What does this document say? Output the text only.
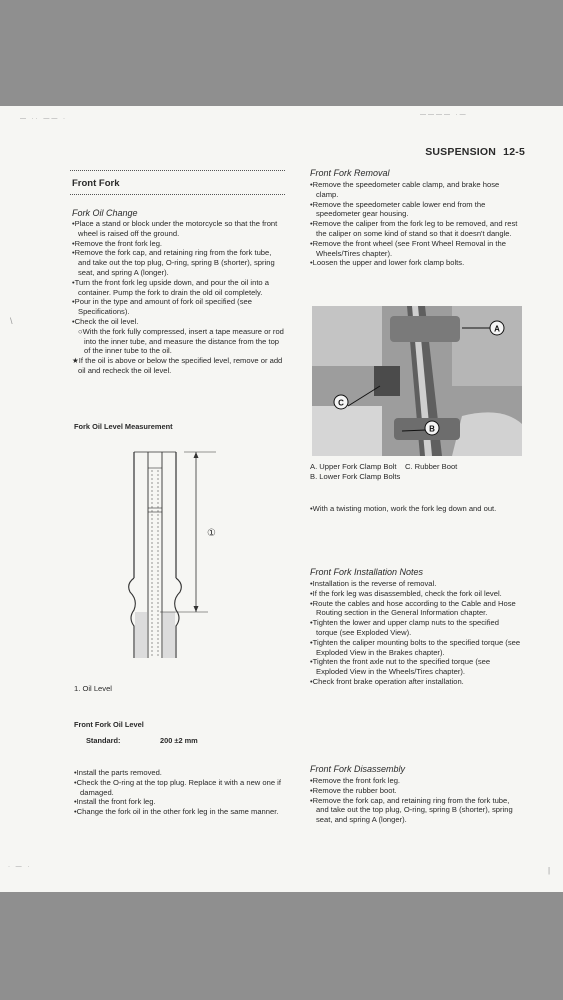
— ·· —— ·
———— ·—
\
SUSPENSION 12-5
Front Fork
Fork Oil Change

•Place a stand or block under the motorcycle so that the front wheel is raised off the ground.

•Remove the front fork leg.

•Remove the fork cap, and retaining ring from the fork tube, and take out the top plug, O-ring, spring B (shorter), spring seat, and spring A (longer).

•Turn the front fork leg upside down, and pour the oil into a container. Pump the fork to drain the old oil completely.

•Pour in the type and amount of fork oil specified (see Specifications).

•Check the oil level.

○With the fork fully compressed, insert a tape measure or rod into the inner tube, and measure the distance from the top of the inner tube to the oil.

★If the oil is above or below the specified level, remove or add oil and recheck the oil level.

Fork Oil Level Measurement
①
1. Oil Level
Front Fork Oil Level
Standard:	200 ±2 mm

•Install the parts removed.

•Check the O-ring at the top plug. Replace it with a new one if damaged.

•Install the front fork leg.

•Change the fork oil in the other fork leg in the same manner.

Front Fork Removal

•Remove the speedometer cable clamp, and brake hose clamp.

•Remove the speedometer cable lower end from the speedometer gear housing.

•Remove the caliper from the fork leg to be removed, and rest the caliper on some kind of stand so that it doesn't dangle.

•Remove the front wheel (see Front Wheel Removal in the Wheels/Tires chapter).

•Loosen the upper and lower fork clamp bolts.

A
B
C
A. Upper Fork Clamp Bolt    C. Rubber Boot
B. Lower Fork Clamp Bolts

•With a twisting motion, work the fork leg down and out.

Front Fork Installation Notes

•Installation is the reverse of removal.

•If the fork leg was disassembled, check the fork oil level.

•Route the cables and hose according to the Cable and Hose Routing section in the General Information chapter.

•Tighten the lower and upper clamp nuts to the specified torque (see Exploded View).

•Tighten the caliper mounting bolts to the specified torque (see Exploded View in the Brakes chapter).

•Tighten the front axle nut to the specified torque (see Exploded View in the Wheels/Tires chapter).

•Check front brake operation after installation.

Front Fork Disassembly

•Remove the front fork leg.

•Remove the rubber boot.

•Remove the fork cap, and retaining ring from the fork tube, and take out the top plug, O-ring, spring B (shorter), spring seat, and spring A (longer).

· — ·	|
